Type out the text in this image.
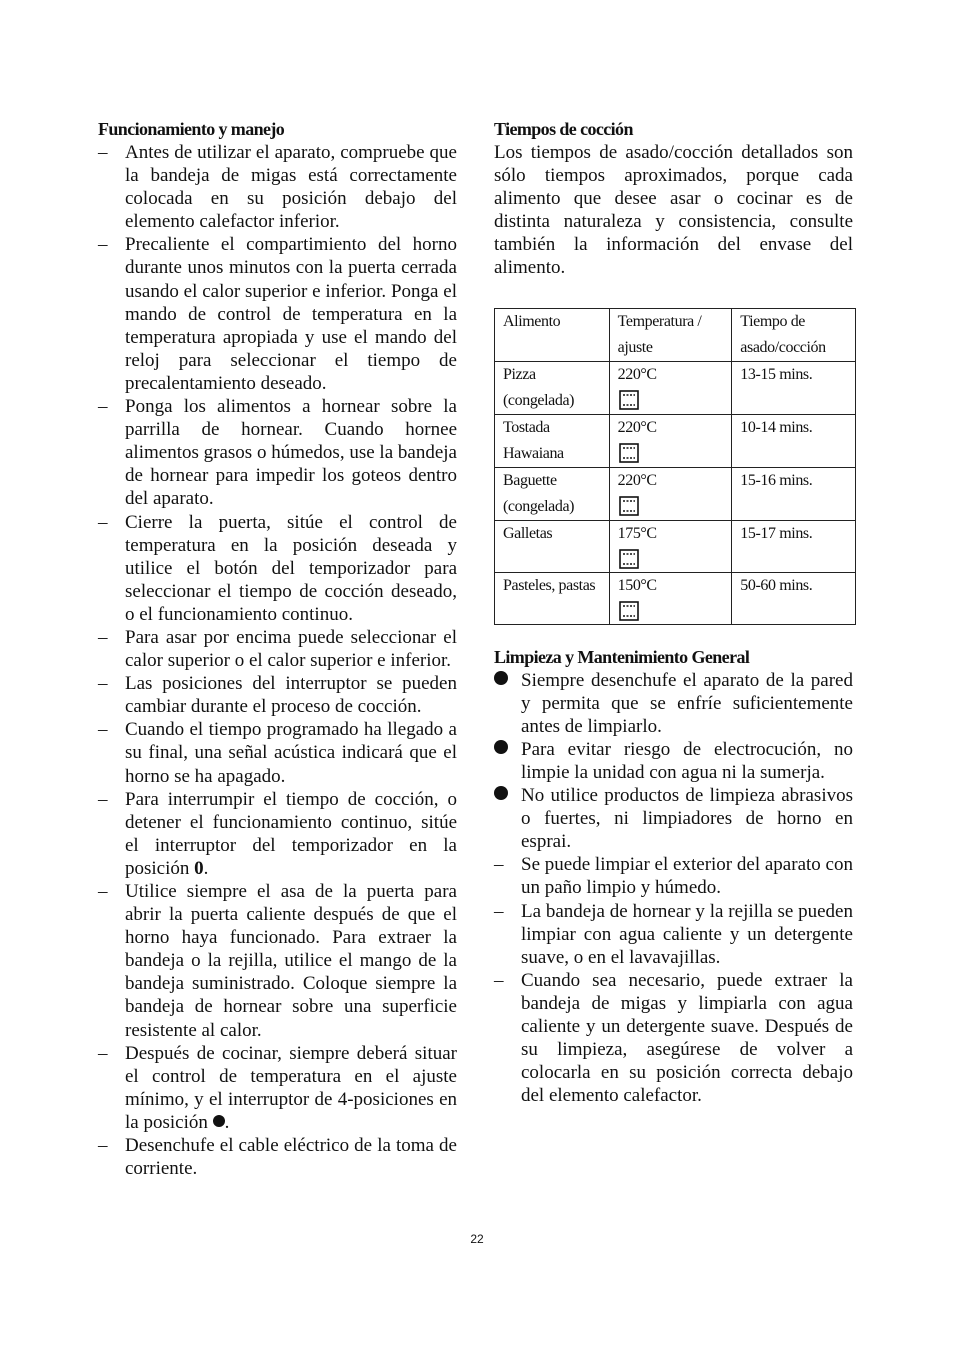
Funcionamiento y manejo
– Antes de utilizar el aparato, compruebe que la bandeja de migas está correctamente colocada en su posición debajo del elemento calefactor inferior.
– Precaliente el compartimiento del horno durante unos minutos con la puerta cerrada usando el calor superior e inferior. Ponga el mando de control de temperatura en la temperatura apropiada y use el mando del reloj para seleccionar el tiempo de precalentamiento deseado.
– Ponga los alimentos a hornear sobre la parrilla de hornear. Cuando hornee alimentos grasos o húmedos, use la bandeja de hornear para impedir los goteos dentro del aparato.
– Cierre la puerta, sitúe el control de temperatura en la posición deseada y utilice el botón del temporizador para seleccionar el tiempo de cocción deseado, o el funcionamiento continuo.
– Para asar por encima puede seleccionar el calor superior o el calor superior e inferior.
– Las posiciones del interruptor se pueden cambiar durante el proceso de cocción.
– Cuando el tiempo programado ha llegado a su final, una señal acústica indicará que el horno se ha apagado.
– Para interrumpir el tiempo de cocción, o detener el funcionamiento continuo, sitúe el interruptor del temporizador en la posición 0.
– Utilice siempre el asa de la puerta para abrir la puerta caliente después de que el horno haya funcionado. Para extraer la bandeja o la rejilla, utilice el mango de la bandeja suministrado. Coloque siempre la bandeja de hornear sobre una superficie resistente al calor.
– Después de cocinar, siempre deberá situar el control de temperatura en el ajuste mínimo, y el interruptor de 4-posiciones en la posición .
– Desenchufe el cable eléctrico de la toma de corriente.
Tiempos de cocción
Los tiempos de asado/cocción detallados son sólo tiempos aproximados, porque cada alimento que desee asar o cocinar es de distinta naturaleza y consistencia, consulte también la información del envase del alimento.
Alimento	Temperatura / ajuste	Tiempo de asado/cocción
Pizza (congelada)	220°C	13-15 mins.
Tostada Hawaiana	220°C	10-14 mins.
Baguette (congelada)	220°C	15-16 mins.
Galletas	175°C	15-17 mins.
Pasteles, pastas	150°C	50-60 mins.
Limpieza y Mantenimiento General
Siempre desenchufe el aparato de la pared y permita que se enfríe suficientemente antes de limpiarlo.
Para evitar riesgo de electrocución, no limpie la unidad con agua ni la sumerja.
No utilice productos de limpieza abrasivos o fuertes, ni limpiadores de horno en esprai.
– Se puede limpiar el exterior del aparato con un paño limpio y húmedo.
– La bandeja de hornear y la rejilla se pueden limpiar con agua caliente y un detergente suave, o en el lavavajillas.
– Cuando sea necesario, puede extraer la bandeja de migas y limpiarla con agua caliente y un detergente suave. Después de su limpieza, asegúrese de volver a colocarla en su posición correcta debajo del elemento calefactor.
22
